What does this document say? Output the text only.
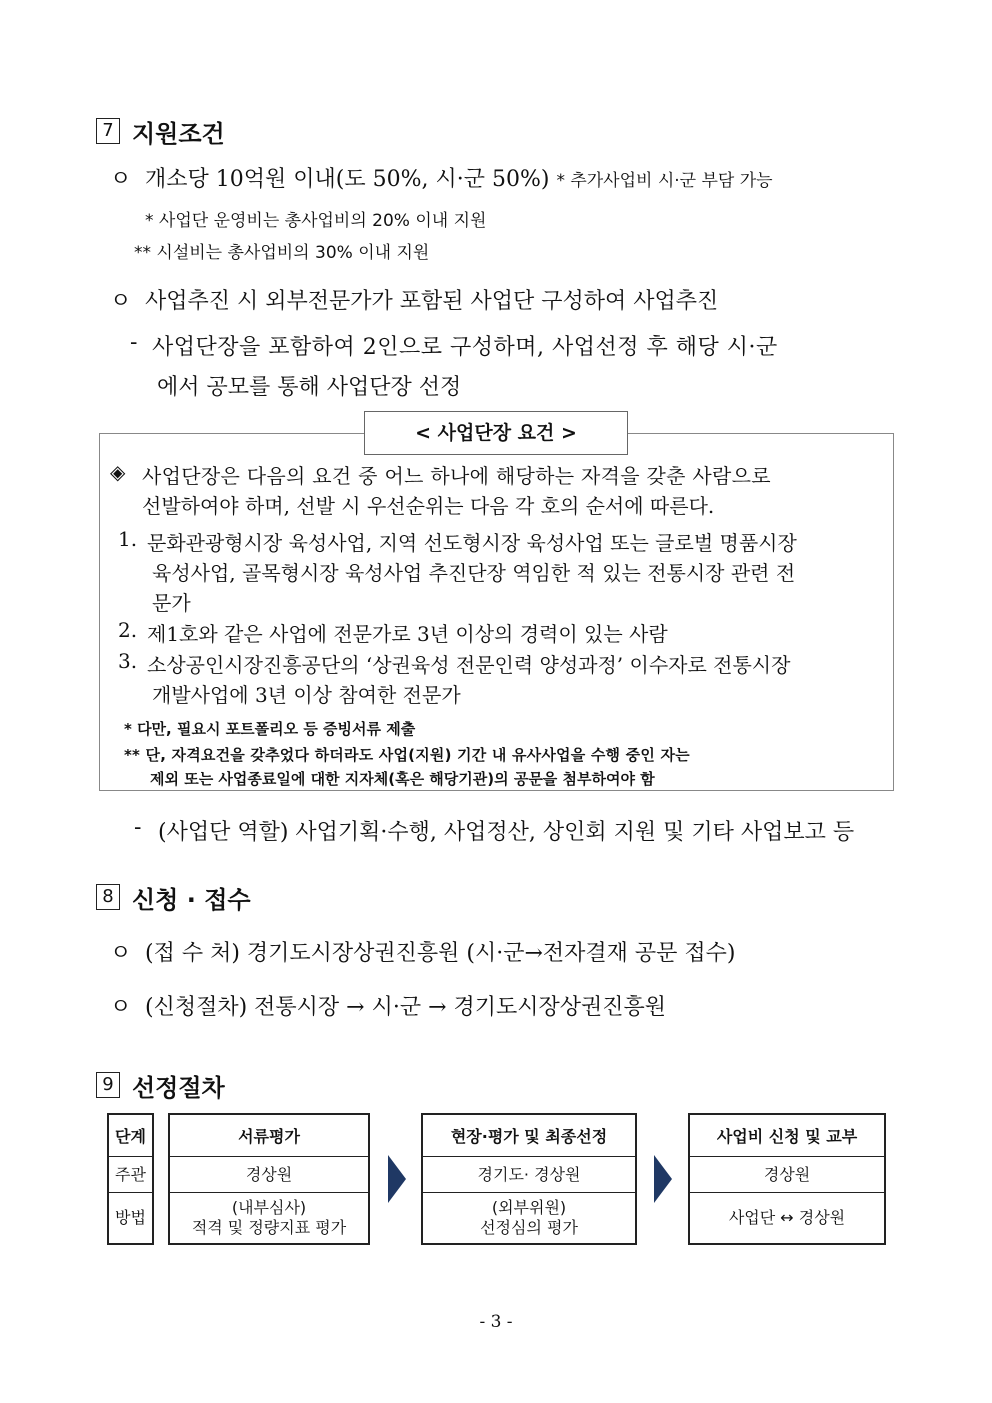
7 지원조건
ㅇ 개소당 10억원 이내(도 50%, 시·군 50%) * 추가사업비 시·군 부담 가능
* 사업단 운영비는 총사업비의 20% 이내 지원
** 시설비는 총사업비의 30% 이내 지원
ㅇ 사업추진 시 외부전문가가 포함된 사업단 구성하여 사업추진
- 사업단장을 포함하여 2인으로 구성하며, 사업선정 후 해당 시·군
에서 공모를 통해 사업단장 선정
< 사업단장 요건 >
◈ 사업단장은 다음의 요건 중 어느 하나에 해당하는 자격을 갖춘 사람으로
선발하여야 하며, 선발 시 우선순위는 다음 각 호의 순서에 따른다.
1. 문화관광형시장 육성사업, 지역 선도형시장 육성사업 또는 글로벌 명품시장
육성사업, 골목형시장 육성사업 추진단장 역임한 적 있는 전통시장 관련 전
문가
2. 제1호와 같은 사업에 전문가로 3년 이상의 경력이 있는 사람
3. 소상공인시장진흥공단의 ‘상권육성 전문인력 양성과정’ 이수자로 전통시장
개발사업에 3년 이상 참여한 전문가
* 다만, 필요시 포트폴리오 등 증빙서류 제출
** 단, 자격요건을 갖추었다 하더라도 사업(지원) 기간 내 유사사업을 수행 중인 자는
제외 또는 사업종료일에 대한 지자체(혹은 해당기관)의 공문을 첨부하여야 함
- (사업단 역할) 사업기획·수행, 사업정산, 상인회 지원 및 기타 사업보고 등
8 신청 · 접수
ㅇ (접 수 처) 경기도시장상권진흥원 (시·군→전자결재 공문 접수)
ㅇ (신청절차) 전통시장 → 시·군 → 경기도시장상권진흥원
9 선정절차
단계
주관
방법
서류평가
경상원
(내부심사)
적격 및 정량지표 평가
현장·평가 및 최종선정
경기도· 경상원
(외부위원)
선정심의 평가
사업비 신청 및 교부
경상원
사업단 ↔ 경상원
- 3 -
